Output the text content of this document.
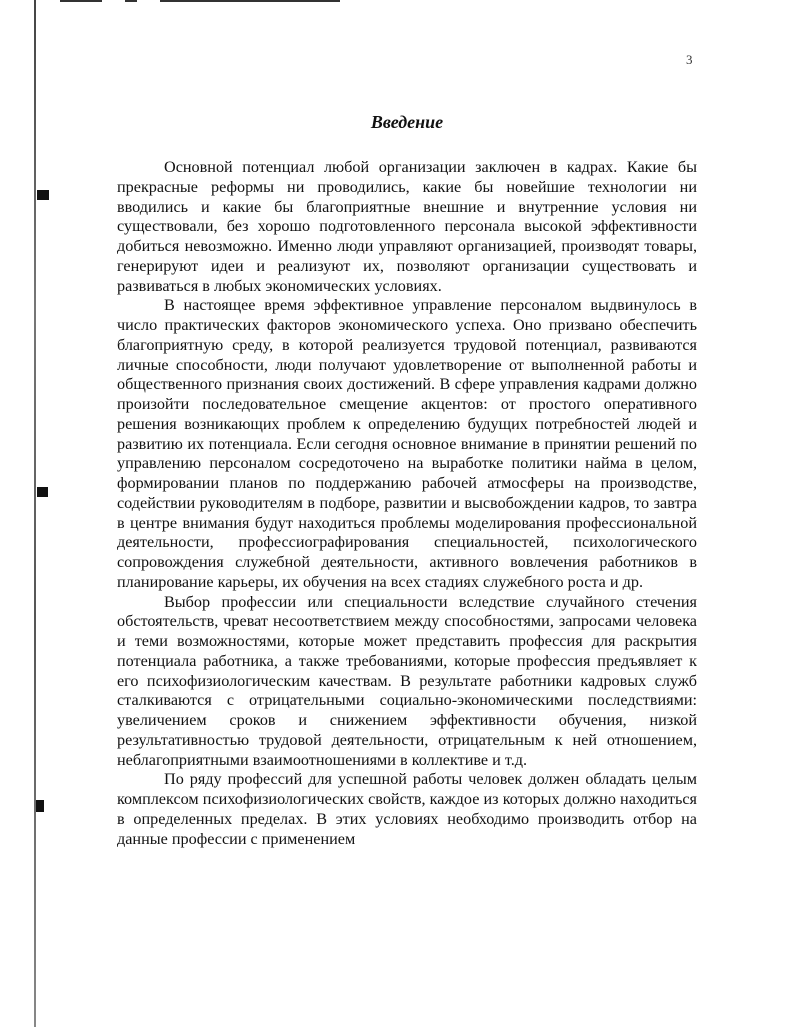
3
Введение

Основной потенциал любой организации заключен в кадрах. Какие бы прекрасные реформы ни проводились, какие бы новейшие технологии ни вводились и какие бы благоприятные внешние и внутренние условия ни существовали, без хорошо подготовленного персонала высокой эффективности добиться невозможно. Именно люди управляют организацией, производят товары, генерируют идеи и реализуют их, позволяют организации существовать и развиваться в любых экономических условиях.

В настоящее время эффективное управление персоналом выдвинулось в число практических факторов экономического успеха. Оно призвано обеспечить благоприятную среду, в которой реализуется трудовой потенциал, развиваются личные способности, люди получают удовлетворение от выполненной работы и общественного признания своих достижений. В сфере управления кадрами должно произойти последовательное смещение акцентов: от простого оперативного решения возникающих проблем к определению будущих потребностей людей и развитию их потенциала. Если сегодня основное внимание в принятии решений по управлению персоналом сосредоточено на выработке политики найма в целом, формировании планов по поддержанию рабочей атмосферы на производстве, содействии руководителям в подборе, развитии и высвобождении кадров, то завтра в центре внимания будут находиться проблемы моделирования профессиональной деятельности, профессиографирования специальностей, психологического сопровождения служебной деятельности, активного вовлечения работников в планирование карьеры, их обучения на всех стадиях служебного роста и др.

Выбор профессии или специальности вследствие случайного стечения обстоятельств, чреват несоответствием между способностями, запросами человека и теми возможностями, которые может представить профессия для раскрытия потенциала работника, а также требованиями, которые профессия предъявляет к его психофизиологическим качествам. В результате работники кадровых служб сталкиваются с отрицательными социально-экономическими последствиями: увеличением сроков и снижением эффективности обучения, низкой результативностью трудовой деятельности, отрицательным к ней отношением, неблагоприятными взаимоотношениями в коллективе и т.д.

По ряду профессий для успешной работы человек должен обладать целым комплексом психофизиологических свойств, каждое из которых должно находиться в определенных пределах. В этих условиях необходимо производить отбор на данные профессии с применением
